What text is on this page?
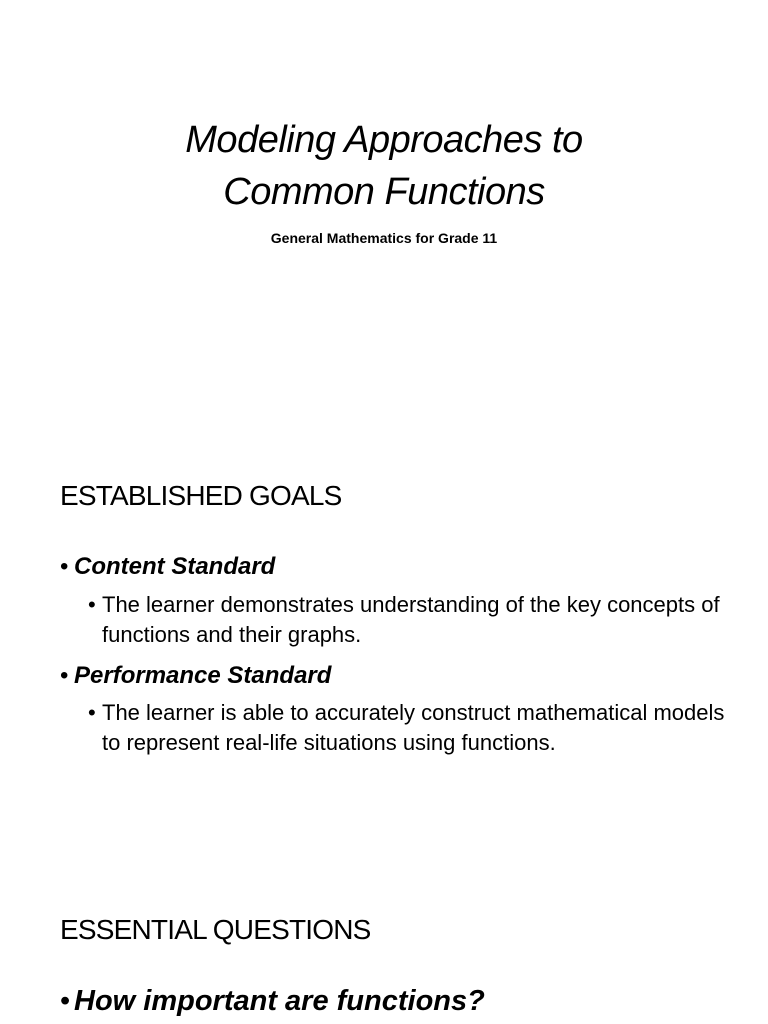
Modeling Approaches to
Common Functions
General Mathematics for Grade 11
ESTABLISHED GOALS
• Content Standard
• The learner demonstrates understanding of the key concepts of functions and their graphs.
• Performance Standard
• The learner is able to accurately construct mathematical models to represent real-life situations using functions.
ESSENTIAL QUESTIONS
• How important are functions?
